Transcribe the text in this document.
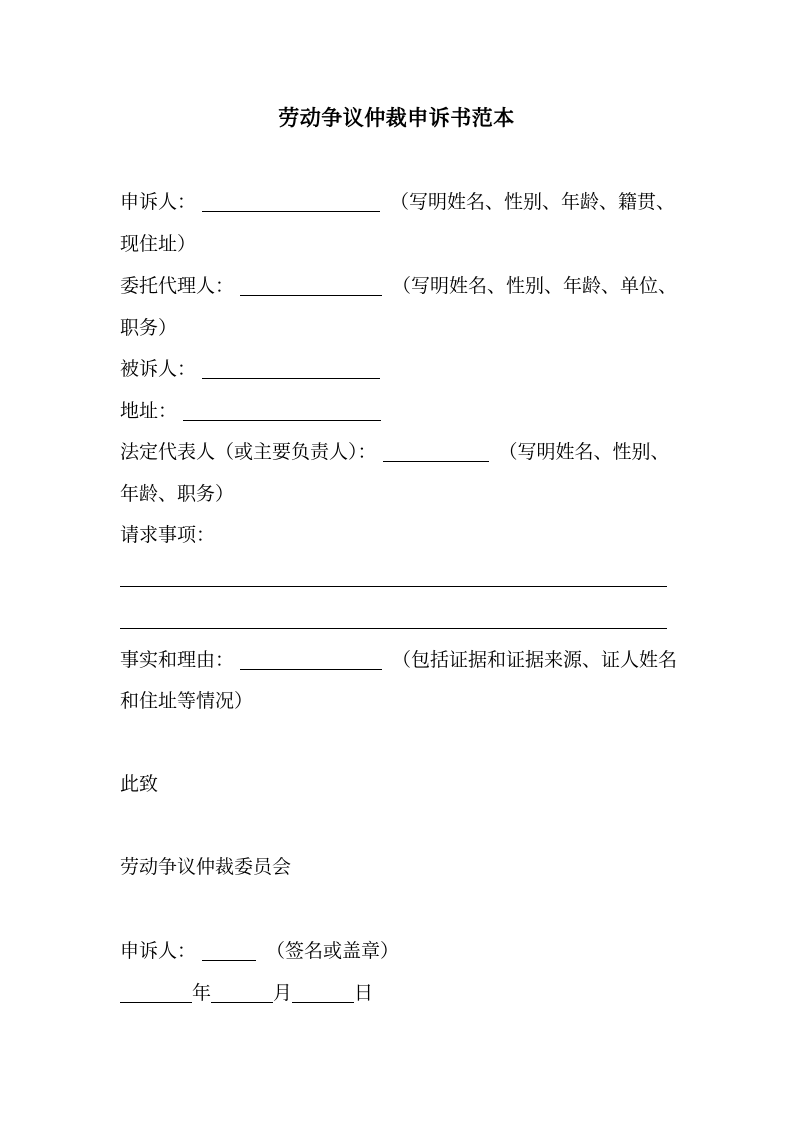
劳动争议仲裁申诉书范本
申诉人：	（写明姓名、性别、年龄、籍贯、
现住址）
委托代理人：	（写明姓名、性别、年龄、单位、
职务）
被诉人：
地址：
法定代表人（或主要负责人）：	（写明姓名、性别、
年龄、职务）
请求事项：
事实和理由：	（包括证据和证据来源、证人姓名
和住址等情况）
此致
劳动争议仲裁委员会
申诉人：	（签名或盖章）
年	月	日
